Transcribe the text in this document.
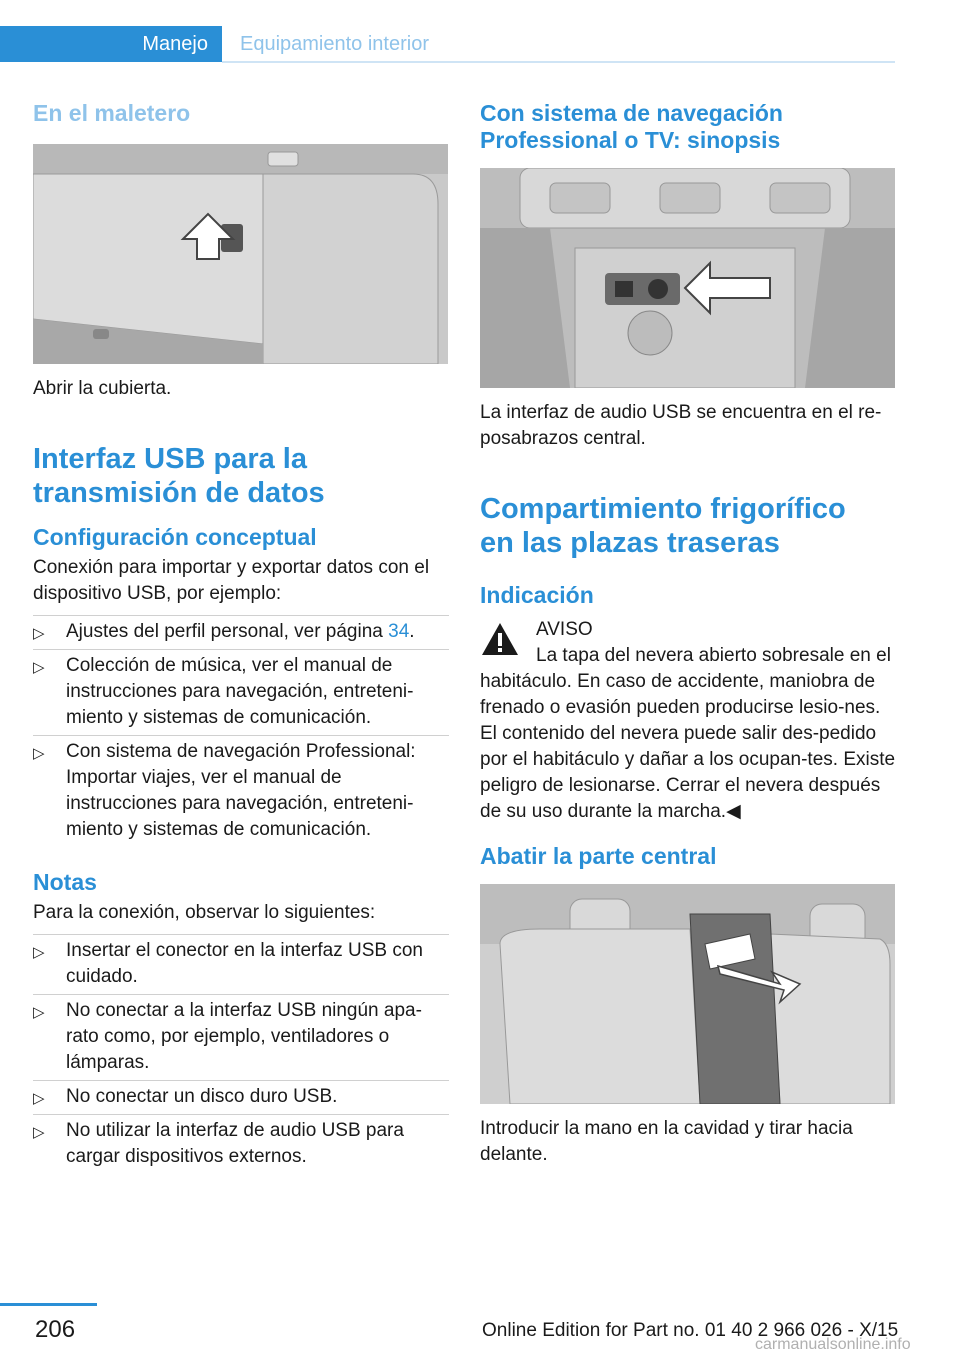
Manejo	Equipamiento interior
En el maletero

Abrir la cubierta.

Interfaz USB para la transmisión de datos
Configuración conceptual

Conexión para importar y exportar datos con el dispositivo USB, por ejemplo:

▷ Ajustes del perfil personal, ver página 34.
▷ Colección de música, ver el manual de instrucciones para navegación, entreteni-miento y sistemas de comunicación.
▷ Con sistema de navegación Professional: Importar viajes, ver el manual de instrucciones para navegación, entreteni-miento y sistemas de comunicación.
Notas

Para la conexión, observar lo siguientes:

▷ Insertar el conector en la interfaz USB con cuidado.
▷ No conectar a la interfaz USB ningún apa-rato como, por ejemplo, ventiladores o lámparas.
▷ No conectar un disco duro USB.
▷ No utilizar la interfaz de audio USB para cargar dispositivos externos.
Con sistema de navegación Professional o TV: sinopsis

La interfaz de audio USB se encuentra en el re-posabrazos central.

Compartimiento frigorífico en las plazas traseras
Indicación

AVISO

La tapa del nevera abierto sobresale en el habitáculo. En caso de accidente, maniobra de frenado o evasión pueden producirse lesio-nes. El contenido del nevera puede salir des-pedido por el habitáculo y dañar a los ocupan-tes. Existe peligro de lesionarse. Cerrar el nevera después de su uso durante la marcha.◀

Abatir la parte central

Introducir la mano en la cavidad y tirar hacia delante.

206	Online Edition for Part no. 01 40 2 966 026 - X/15
carmanualsonline.info
